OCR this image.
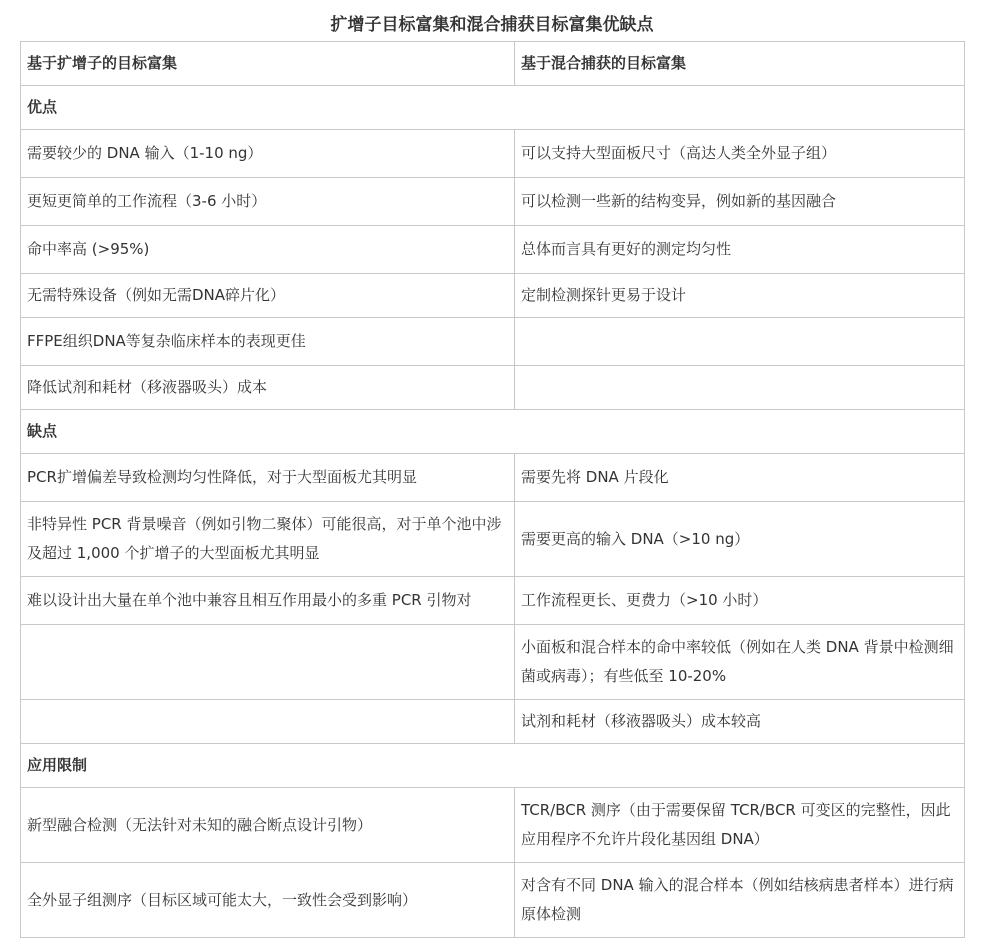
扩增子目标富集和混合捕获目标富集优缺点
基于扩增子的目标富集	基于混合捕获的目标富集
优点	
需要较少的 DNA 输入（1-10 ng）	可以支持大型面板尺寸（高达人类全外显子组）
更短更简单的工作流程（3-6 小时）	可以检测一些新的结构变异，例如新的基因融合
命中率高 (>95%)	总体而言具有更好的测定均匀性
无需特殊设备（例如无需DNA碎片化）	定制检测探针更易于设计
FFPE组织DNA等复杂临床样本的表现更佳	
降低试剂和耗材（移液器吸头）成本	
缺点	
PCR扩增偏差导致检测均匀性降低，对于大型面板尤其明显	需要先将 DNA 片段化
非特异性 PCR 背景噪音（例如引物二聚体）可能很高，对于单个池中涉及超过 1,000 个扩增子的大型面板尤其明显	需要更高的输入 DNA（>10 ng）
难以设计出大量在单个池中兼容且相互作用最小的多重 PCR 引物对	工作流程更长、更费力（>10 小时）
	小面板和混合样本的命中率较低（例如在人类 DNA 背景中检测细菌或病毒）；有些低至 10-20%
	试剂和耗材（移液器吸头）成本较高
应用限制	
新型融合检测（无法针对未知的融合断点设计引物）	TCR/BCR 测序（由于需要保留 TCR/BCR 可变区的完整性，因此应用程序不允许片段化基因组 DNA）
全外显子组测序（目标区域可能太大，一致性会受到影响）	对含有不同 DNA 输入的混合样本（例如结核病患者样本）进行病原体检测
